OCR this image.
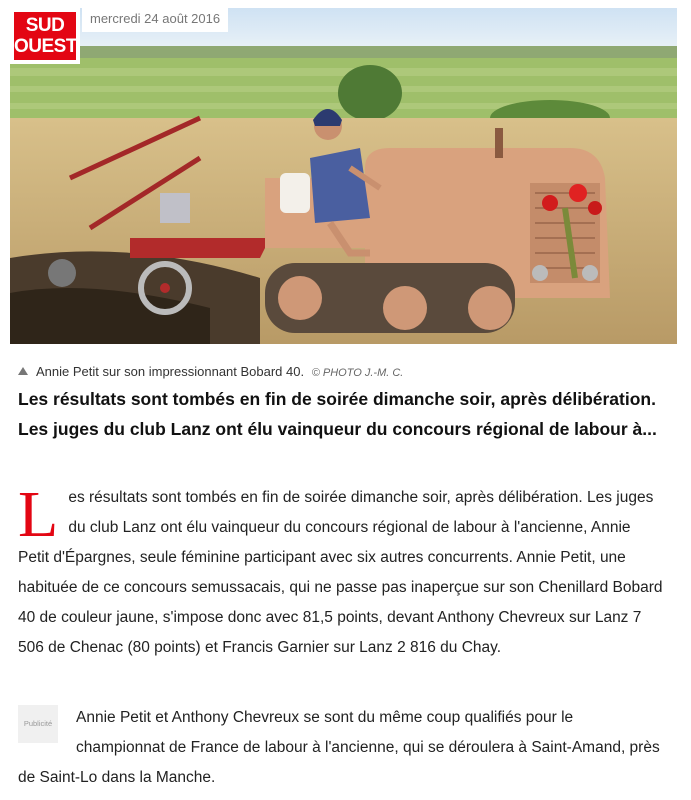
SUD OUEST
mercredi 24 août 2016
Annie Petit sur son impressionnant Bobard 40. © PHOTO J.-M. C.
Les résultats sont tombés en fin de soirée dimanche soir, après délibération. Les juges du club Lanz ont élu vainqueur du concours régional de labour à...
Les résultats sont tombés en fin de soirée dimanche soir, après délibération. Les juges du club Lanz ont élu vainqueur du concours régional de labour à l'ancienne, Annie Petit d'Épargnes, seule féminine participant avec six autres concurrents. Annie Petit, une habituée de ce concours semussacais, qui ne passe pas inaperçue sur son Chenillard Bobard 40 de couleur jaune, s'impose donc avec 81,5 points, devant Anthony Chevreux sur Lanz 7 506 de Chenac (80 points) et Francis Garnier sur Lanz 2 816 du Chay.
Publicité	Annie Petit et Anthony Chevreux se sont du même coup qualifiés pour le championnat de France de labour à l'ancienne, qui se déroulera à Saint-Amand, près de Saint-Lo dans la Manche.
